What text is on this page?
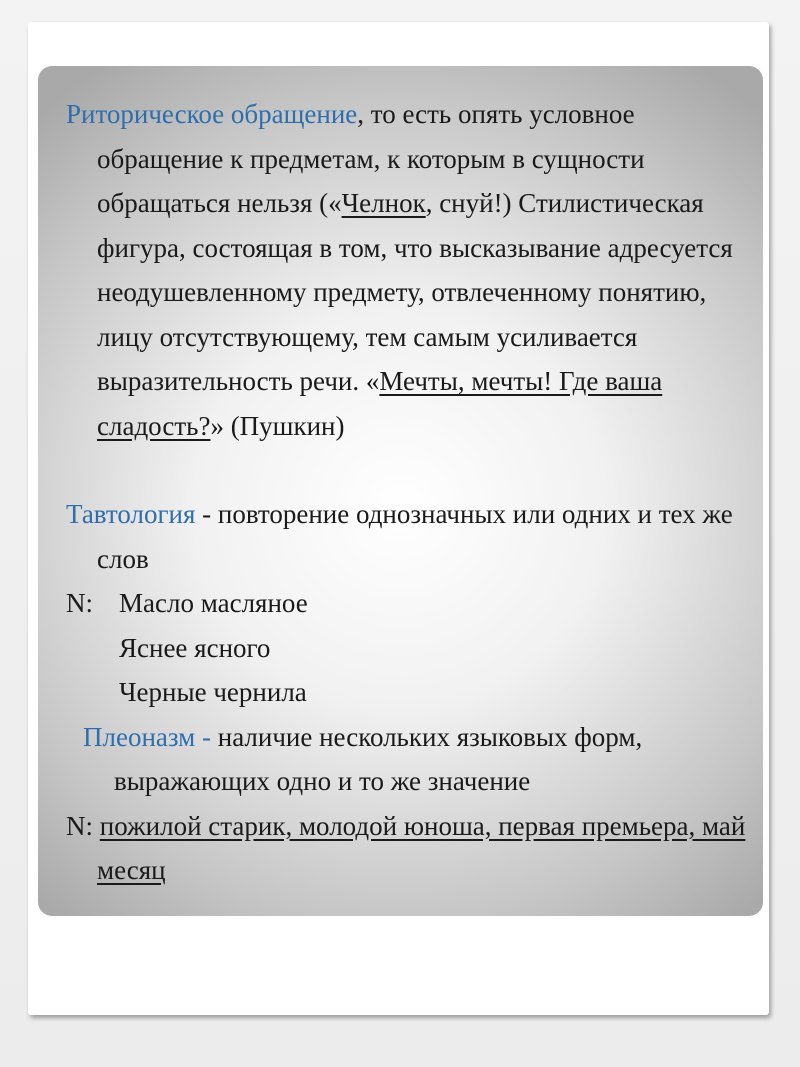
Риторическое обращение, то есть опять условное обращение к предметам, к которым в сущности обращаться нельзя («Челнок, снуй!) Стилистическая фигура, состоящая в том, что высказывание адресуется неодушевленному предмету, отвлеченному понятию, лицу отсутствующему, тем самым усиливается выразительность речи. «Мечты, мечты! Где ваша сладость?» (Пушкин)

Тавтология - повторение однозначных или одних и тех же слов

N: Масло масляное

Яснее ясного

Черные чернила

Плеоназм - наличие нескольких языковых форм, выражающих одно и то же значение

N: пожилой старик, молодой юноша, первая премьера, май месяц
